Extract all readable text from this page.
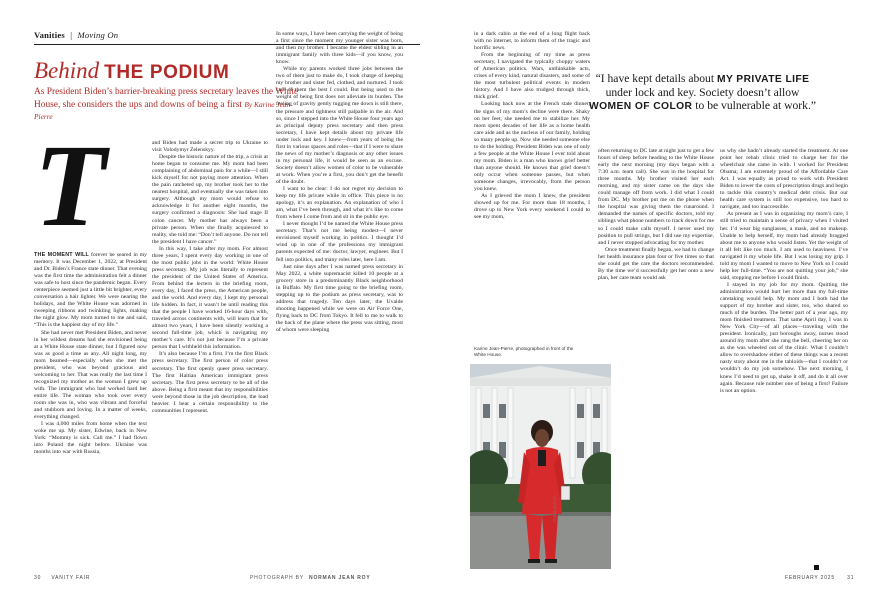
Vanities | Moving On
Behind THE PODIUM
As President Biden’s barrier-breaking press secretary leaves the White House, she considers the ups and downs of being a first By Karine Jean-Pierre
T

THE MOMENT WILL forever be seared in my memory. It was December 1, 2022, at President and Dr. Biden’s France state dinner. That evening was the first time the administration felt a dinner was safe to host since the pandemic began. Every centerpiece seemed just a little bit brighter, every conversation a hair lighter. We were nearing the holidays, and the White House was adorned in sweeping ribbons and twinkling lights, making the night glow. My mom turned to me and said, “This is the happiest day of my life.”

She had never met President Biden, and never in her wildest dreams had she envisioned being at a White House state dinner, but I figured now was as good a time as any. All night long, my mom beamed—especially when she met the president, who was beyond gracious and welcoming to her. That was really the last time I recognized my mother as the woman I grew up with. The immigrant who had worked hard her entire life. The woman who took over every room she was in, who was vibrant and forceful and stubborn and loving. In a matter of weeks, everything changed.

I was 4,000 miles from home when the text woke me up. My sister, Edwine, back in New York: “Mommy is sick. Call me.” I had flown into Poland the night before. Ukraine was months into war with Russia,

and Biden had made a secret trip to Ukraine to visit Volodymyr Zelenskyy.

Despite the historic nature of the trip, a crisis at home began to consume me. My mom had been complaining of abdominal pain for a while—I still kick myself for not paying more attention. When the pain ratcheted up, my brother took her to the nearest hospital, and eventually she was taken into surgery. Although my mom would refuse to acknowledge it for another eight months, the surgery confirmed a diagnosis: She had stage II colon cancer. My mother has always been a private person. When she finally acquiesced to reality, she told me: “Don’t tell anyone. Do not tell the president I have cancer.”

In this way, I take after my mom. For almost three years, I spent every day working in one of the most public jobs in the world: White House press secretary. My job was literally to represent the president of the United States of America. From behind the lectern in the briefing room, every day, I faced the press, the American people, and the world. And every day, I kept my personal life hidden. In fact, it wasn’t be until reading this that the people I have worked 16-hour days with, traveled across continents with, will learn that for almost two years, I have been silently working a second full-time job, which is navigating my mother’s care. It’s not just because I’m a private person that I withheld this information.

It’s also because I’m a first. I’m the first Black press secretary. The first person of color press secretary. The first openly queer press secretary. The first Haitian American immigrant press secretary. The first press secretary to be all of the above. Being a first meant that my responsibilities were beyond those in the job description, the load heavier. I bear a certain responsibility to the communities I represent.

In some ways, I have been carrying the weight of being a first since the moment my younger sister was born, and then my brother. I became the eldest sibling in an immigrant family with three kids—if you know, you know.

While my parents worked three jobs between the two of them just to make do, I took charge of keeping my brother and sister fed, clothed, and nurtured. I took care of them the best I could. But being used to the weight of being first does not alleviate its burden. The feeling of gravity gently tugging me down is still there, the pressure and tightness still palpable in the air. And so, since I stepped into the White House four years ago as principal deputy press secretary and then press secretary, I have kept details about my private life under lock and key. I knew—from years of being the first in various spaces and roles—that if I were to share the news of my mother’s diagnosis or any other issues in my personal life, it would be seen as an excuse. Society doesn’t allow women of color to be vulnerable at work. When you’re a first, you don’t get the benefit of the doubt.

I want to be clear: I do not regret my decision to keep my life private while in office. This piece is no apology, it’s an explanation. An explanation of who I am, what I’ve been through, and what it’s like to come from where I come from and sit in the public eye.

I never thought I’d be named the White House press secretary. That’s not me being modest—I never envisioned myself working in politics. I thought I’d wind up in one of the professions my immigrant parents expected of me: doctor, lawyer, engineer. But I fell into politics, and many roles later, here I am.

Just nine days after I was named press secretary in May 2022, a white supremacist killed 10 people at a grocery store in a predominantly Black neighborhood in Buffalo. My first time going to the briefing room, stepping up to the podium as press secretary, was to address that tragedy. Ten days later, the Uvalde shooting happened while we were on Air Force One, flying back to DC from Tokyo. It fell to me to walk to the back of the plane where the press was sitting, most of whom were sleeping

in a dark cabin at the end of a long flight back with no internet, to inform them of the tragic and horrific news.

From the beginning of my time as press secretary, I navigated the typically choppy waters of American politics. Wars, unthinkable acts, crises of every kind, natural disasters, and some of the most turbulent political events in modern history. And I have also trudged through thick, thick grief.

Looking back now at the French state dinner, the signs of my mom’s decline were there. Shaky on her feet, she needed me to stabilize her. My mom spent decades of her life as a home health care aide and as the nucleus of our family, holding so many people up. Now she needed someone else to do the holding. President Biden was one of only a few people at the White House I ever told about my mom. Biden is a man who knows grief better than anyone should. He knows that grief doesn’t only occur when someone passes, but when someone changes, irrevocably, from the person you knew.

As I grieved the mom I knew, the president showed up for me. For more than 18 months, I drove up to New York every weekend I could to see my mom,

“I have kept details about MY PRIVATE LIFE under lock and key. Society doesn’t allow WOMEN OF COLOR to be vulnerable at work.”

often returning to DC late at night just to get a few hours of sleep before heading to the White House early the next morning (my days began with a 7:30 a.m. team call). She was in the hospital for three months. My brother visited her each morning, and my sister came on the days she could manage off from work. I did what I could from DC. My brother put me on the phone when the hospital was giving them the runaround. I demanded the names of specific doctors, told my siblings what phone numbers to track down for me so I could make calls myself. I never used my position to pull strings, but I did use my expertise, and I never stopped advocating for my mother.

Once treatment finally began, we had to change her health insurance plan four or five times so that she could get the care the doctors recommended. By the time we’d successfully get her onto a new plan, her care team would ask

us why she hadn’t already started the treatment. At one point her rehab clinic tried to charge her for the wheelchair she came in with. I worked for President Obama; I am extremely proud of the Affordable Care Act. I was equally as proud to work with President Biden to lower the costs of prescription drugs and begin to tackle this country’s medical debt crisis. But our health care system is still too expensive, too hard to navigate, and too inaccessible.

As present as I was in organizing my mom’s care, I still tried to maintain a sense of privacy when I visited her. I’d wear big sunglasses, a mask, and no makeup. Unable to help herself, my mom had already bragged about me to anyone who would listen. Yet the weight of it all felt like too much. I am used to heaviness. I’ve navigated it my whole life. But I was losing my grip. I told my mom I wanted to move to New York so I could help her full-time. “You are not quitting your job,” she said, stopping me before I could finish.

I stayed in my job for my mom. Quitting the administration would hurt her more than my full-time caretaking would help. My mom and I both had the support of my brother and sister, too, who shared so much of the burden. The better part of a year ago, my mom finished treatment. That same April day, I was in New York City—of all places—traveling with the president. Ironically, just boroughs away, nurses stood around my mom after she rang the bell, cheering her on as she was wheeled out of the clinic. What I couldn’t allow to overshadow either of these things was a recent nasty story about me in the tabloids—that I couldn’t or wouldn’t do my job somehow. The next morning, I knew I’d need to get up, shake it off, and do it all over again. Because rule number one of being a first? Failure is not an option.

Karine Jean-Pierre, photographed in front of the White House.
TOWEL AND DO
30 VANITY FAIR	PHOTOGRAPH BY NORMAN JEAN ROY	FEBRUARY 2025 31
